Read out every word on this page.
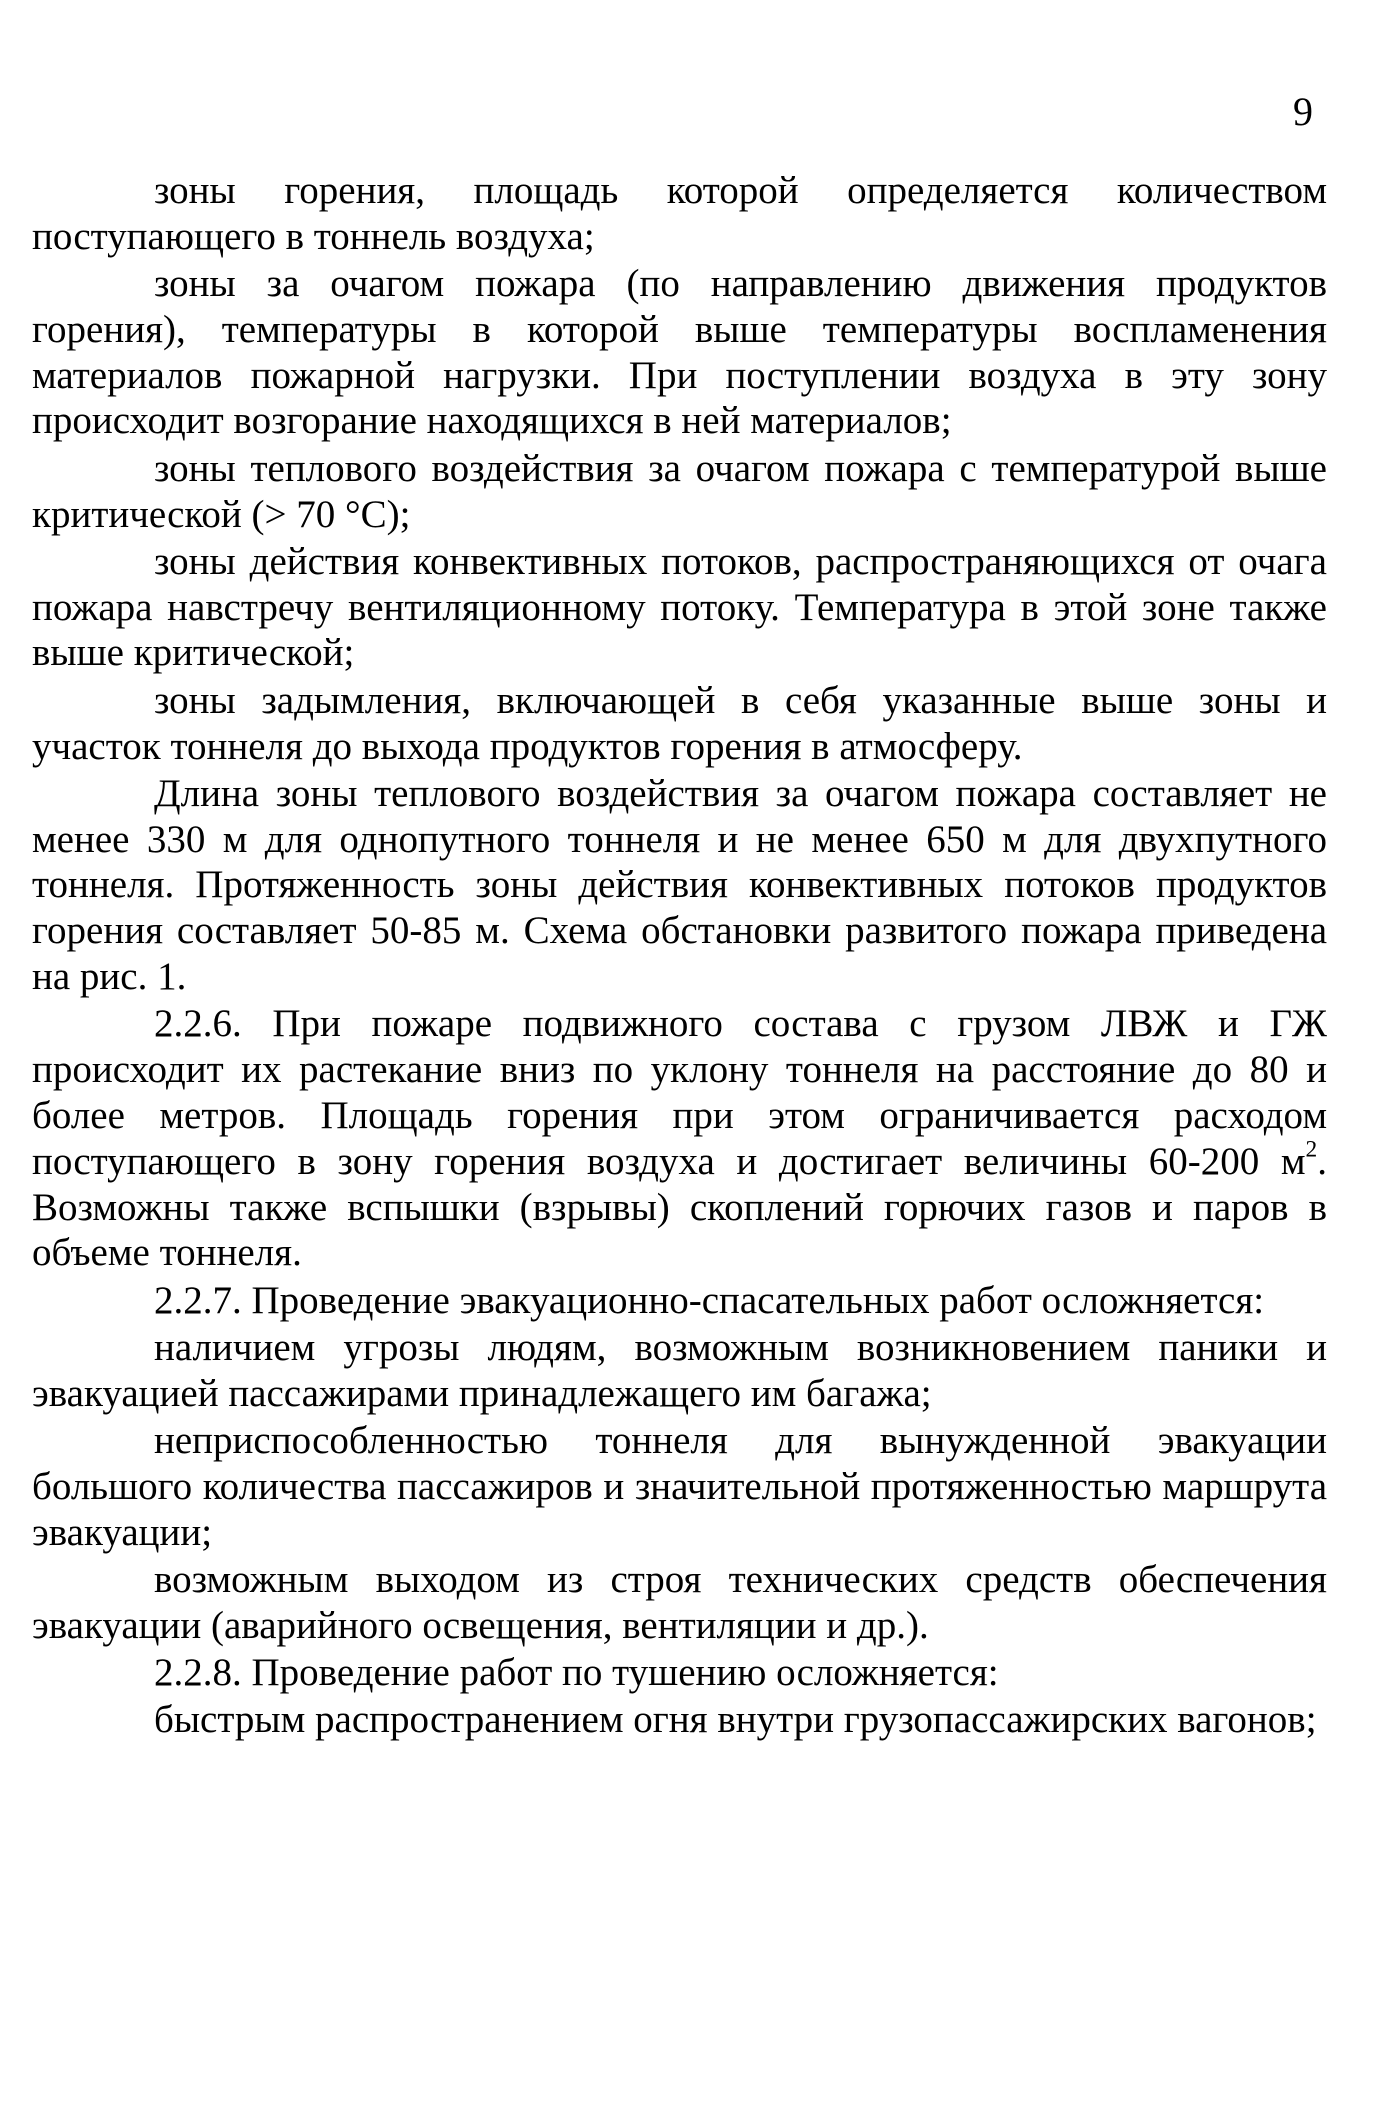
9

зоны горения, площадь которой определяется количеством поступающего в тоннель воздуха;

зоны за очагом пожара (по направлению движения продуктов горения), температуры в которой выше температуры воспламенения материалов пожарной нагрузки. При поступлении воздуха в эту зону происходит возгорание находящихся в ней материалов;

зоны теплового воздействия за очагом пожара с температурой выше критической (> 70 °С);

зоны действия конвективных потоков, распространяющихся от очага пожара навстречу вентиляционному потоку. Температура в этой зоне также выше критической;

зоны задымления, включающей в себя указанные выше зоны и участок тоннеля до выхода продуктов горения в атмосферу.

Длина зоны теплового воздействия за очагом пожара составляет не менее 330 м для однопутного тоннеля и не менее 650 м для двухпутного тоннеля. Протяженность зоны действия конвективных потоков продуктов горения составляет 50-85 м. Схема обстановки развитого пожара приведена на рис. 1.

2.2.6. При пожаре подвижного состава с грузом ЛВЖ и ГЖ происходит их растекание вниз по уклону тоннеля на расстояние до 80 и более метров. Площадь горения при этом ограничивается расходом поступающего в зону горения воздуха и достигает величины 60-200 $м^2$. Возможны также вспышки (взрывы) скоплений горючих газов и паров в объеме тоннеля.

2.2.7. Проведение эвакуационно-спасательных работ осложняется:

наличием угрозы людям, возможным возникновением паники и эвакуацией пассажирами принадлежащего им багажа;

неприспособленностью тоннеля для вынужденной эвакуации большого количества пассажиров и значительной протяженностью маршрута эвакуации;

возможным выходом из строя технических средств обеспечения эвакуации (аварийного освещения, вентиляции и др.).

2.2.8. Проведение работ по тушению осложняется:

быстрым распространением огня внутри грузопассажирских вагонов;
